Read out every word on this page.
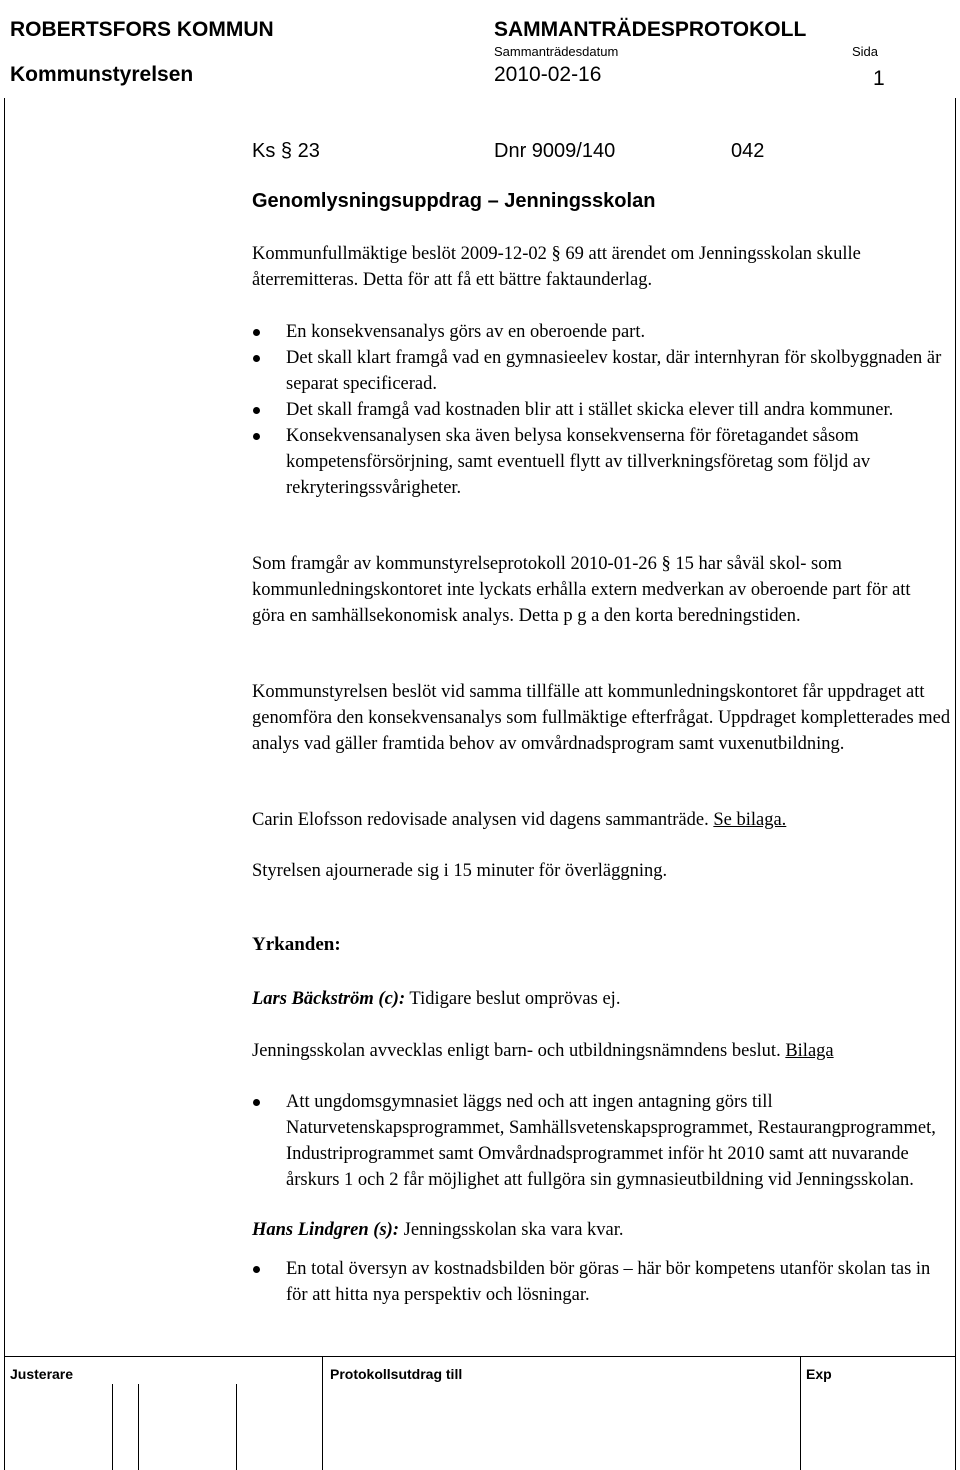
ROBERTSFORS KOMMUN	SAMMANTRÄDESPROTOKOLL
Sammanträdesdatum	Sida
Kommunstyrelsen	2010-02-16	1
Ks § 23	Dnr 9009/140	042
Genomlysningsuppdrag – Jenningsskolan
Kommunfullmäktige beslöt 2009-12-02 § 69 att ärendet om Jenningsskolan skulle återremitteras. Detta för att få ett bättre faktaunderlag.
En konsekvensanalys görs av en oberoende part.
Det skall klart framgå vad en gymnasieelev kostar, där internhyran för skolbyggnaden är separat specificerad.
Det skall framgå vad kostnaden blir att i stället skicka elever till andra kommuner.
Konsekvensanalysen ska även belysa konsekvenserna för företagandet såsom kompetensförsörjning, samt eventuell flytt av tillverkningsföretag som följd av rekryteringssvårigheter.
Som framgår av kommunstyrelseprotokoll 2010-01-26 § 15 har såväl skol- som kommunledningskontoret inte lyckats erhålla extern medverkan av oberoende part för att göra en samhällsekonomisk analys. Detta p g a den korta beredningstiden.
Kommunstyrelsen beslöt vid samma tillfälle att kommunledningskontoret får uppdraget att genomföra den konsekvensanalys som fullmäktige efterfrågat. Uppdraget kompletterades med analys vad gäller framtida behov av omvårdnadsprogram samt vuxenutbildning.
Carin Elofsson redovisade analysen vid dagens sammanträde. Se bilaga.
Styrelsen ajournerade sig i 15 minuter för överläggning.
Yrkanden:
Lars Bäckström (c): Tidigare beslut omprövas ej.
Jenningsskolan avvecklas enligt barn- och utbildningsnämndens beslut. Bilaga
Att ungdomsgymnasiet läggs ned och att ingen antagning görs till Naturvetenskapsprogrammet, Samhällsvetenskapsprogrammet, Restaurangprogrammet, Industriprogrammet samt Omvårdnadsprogrammet inför ht 2010 samt att nuvarande årskurs 1 och 2 får möjlighet att fullgöra sin gymnasieutbildning vid Jenningsskolan.
Hans Lindgren (s): Jenningsskolan ska vara kvar.
En total översyn av kostnadsbilden bör göras – här bör kompetens utanför skolan tas in för att hitta nya perspektiv och lösningar.
Justerare	Protokollsutdrag till	Exp
